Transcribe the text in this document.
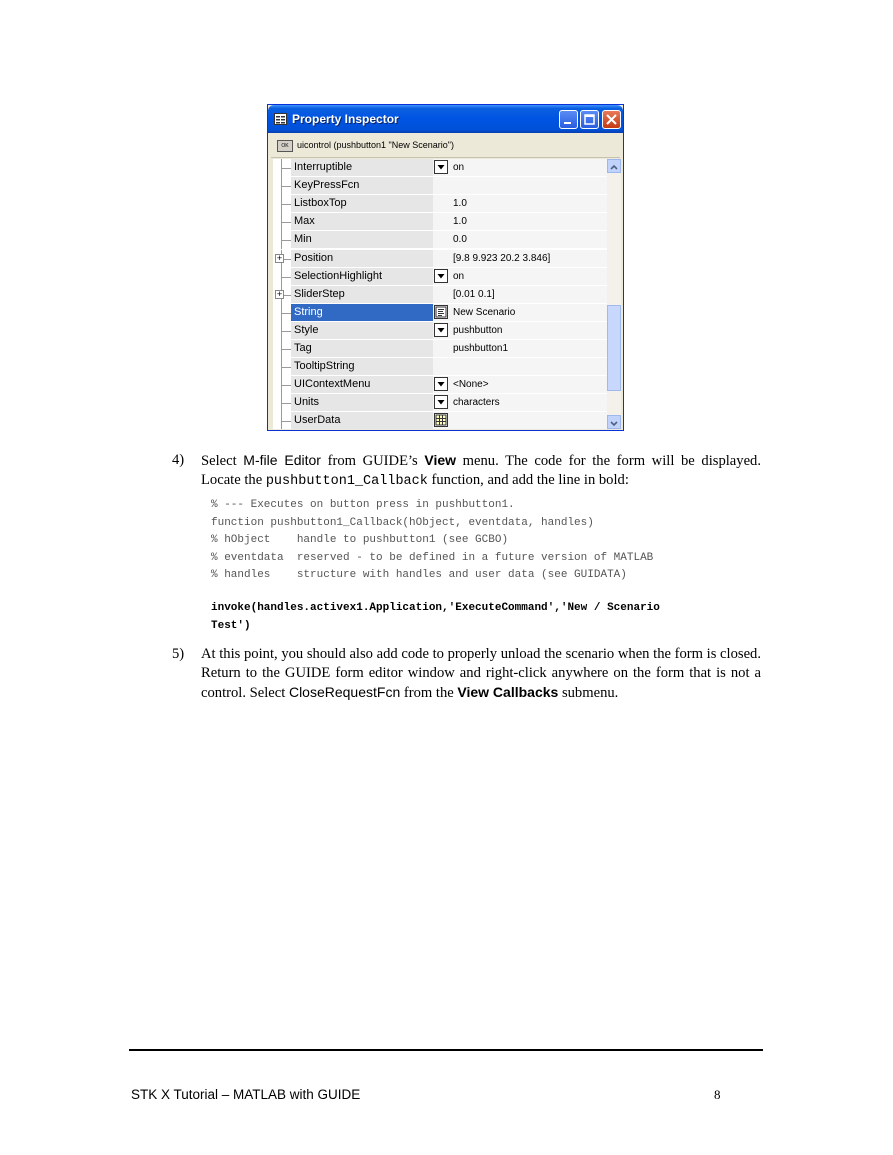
Property Inspector
OK uicontrol (pushbutton1 "New Scenario")
Interruptible	on
KeyPressFcn
ListboxTop	1.0
Max	1.0
Min	0.0
+ Position	[9.8 9.923 20.2 3.846]
SelectionHighlight	on
+ SliderStep	[0.01 0.1]
String	New Scenario
Style	pushbutton
Tag	pushbutton1
TooltipString
UIContextMenu	<None>
Units	characters
UserData
4) Select M-file Editor from GUIDE’s View menu. The code for the form will be displayed. Locate the pushbutton1_Callback function, and add the line in bold:
% --- Executes on button press in pushbutton1.
function pushbutton1_Callback(hObject, eventdata, handles)
% hObject    handle to pushbutton1 (see GCBO)
% eventdata  reserved - to be defined in a future version of MATLAB
% handles    structure with handles and user data (see GUIDATA)
invoke(handles.activex1.Application,'ExecuteCommand','New / Scenario
Test')
5) At this point, you should also add code to properly unload the scenario when the form is closed. Return to the GUIDE form editor window and right-click anywhere on the form that is not a control. Select CloseRequestFcn from the View Callbacks submenu.
STK X Tutorial – MATLAB with GUIDE	8
